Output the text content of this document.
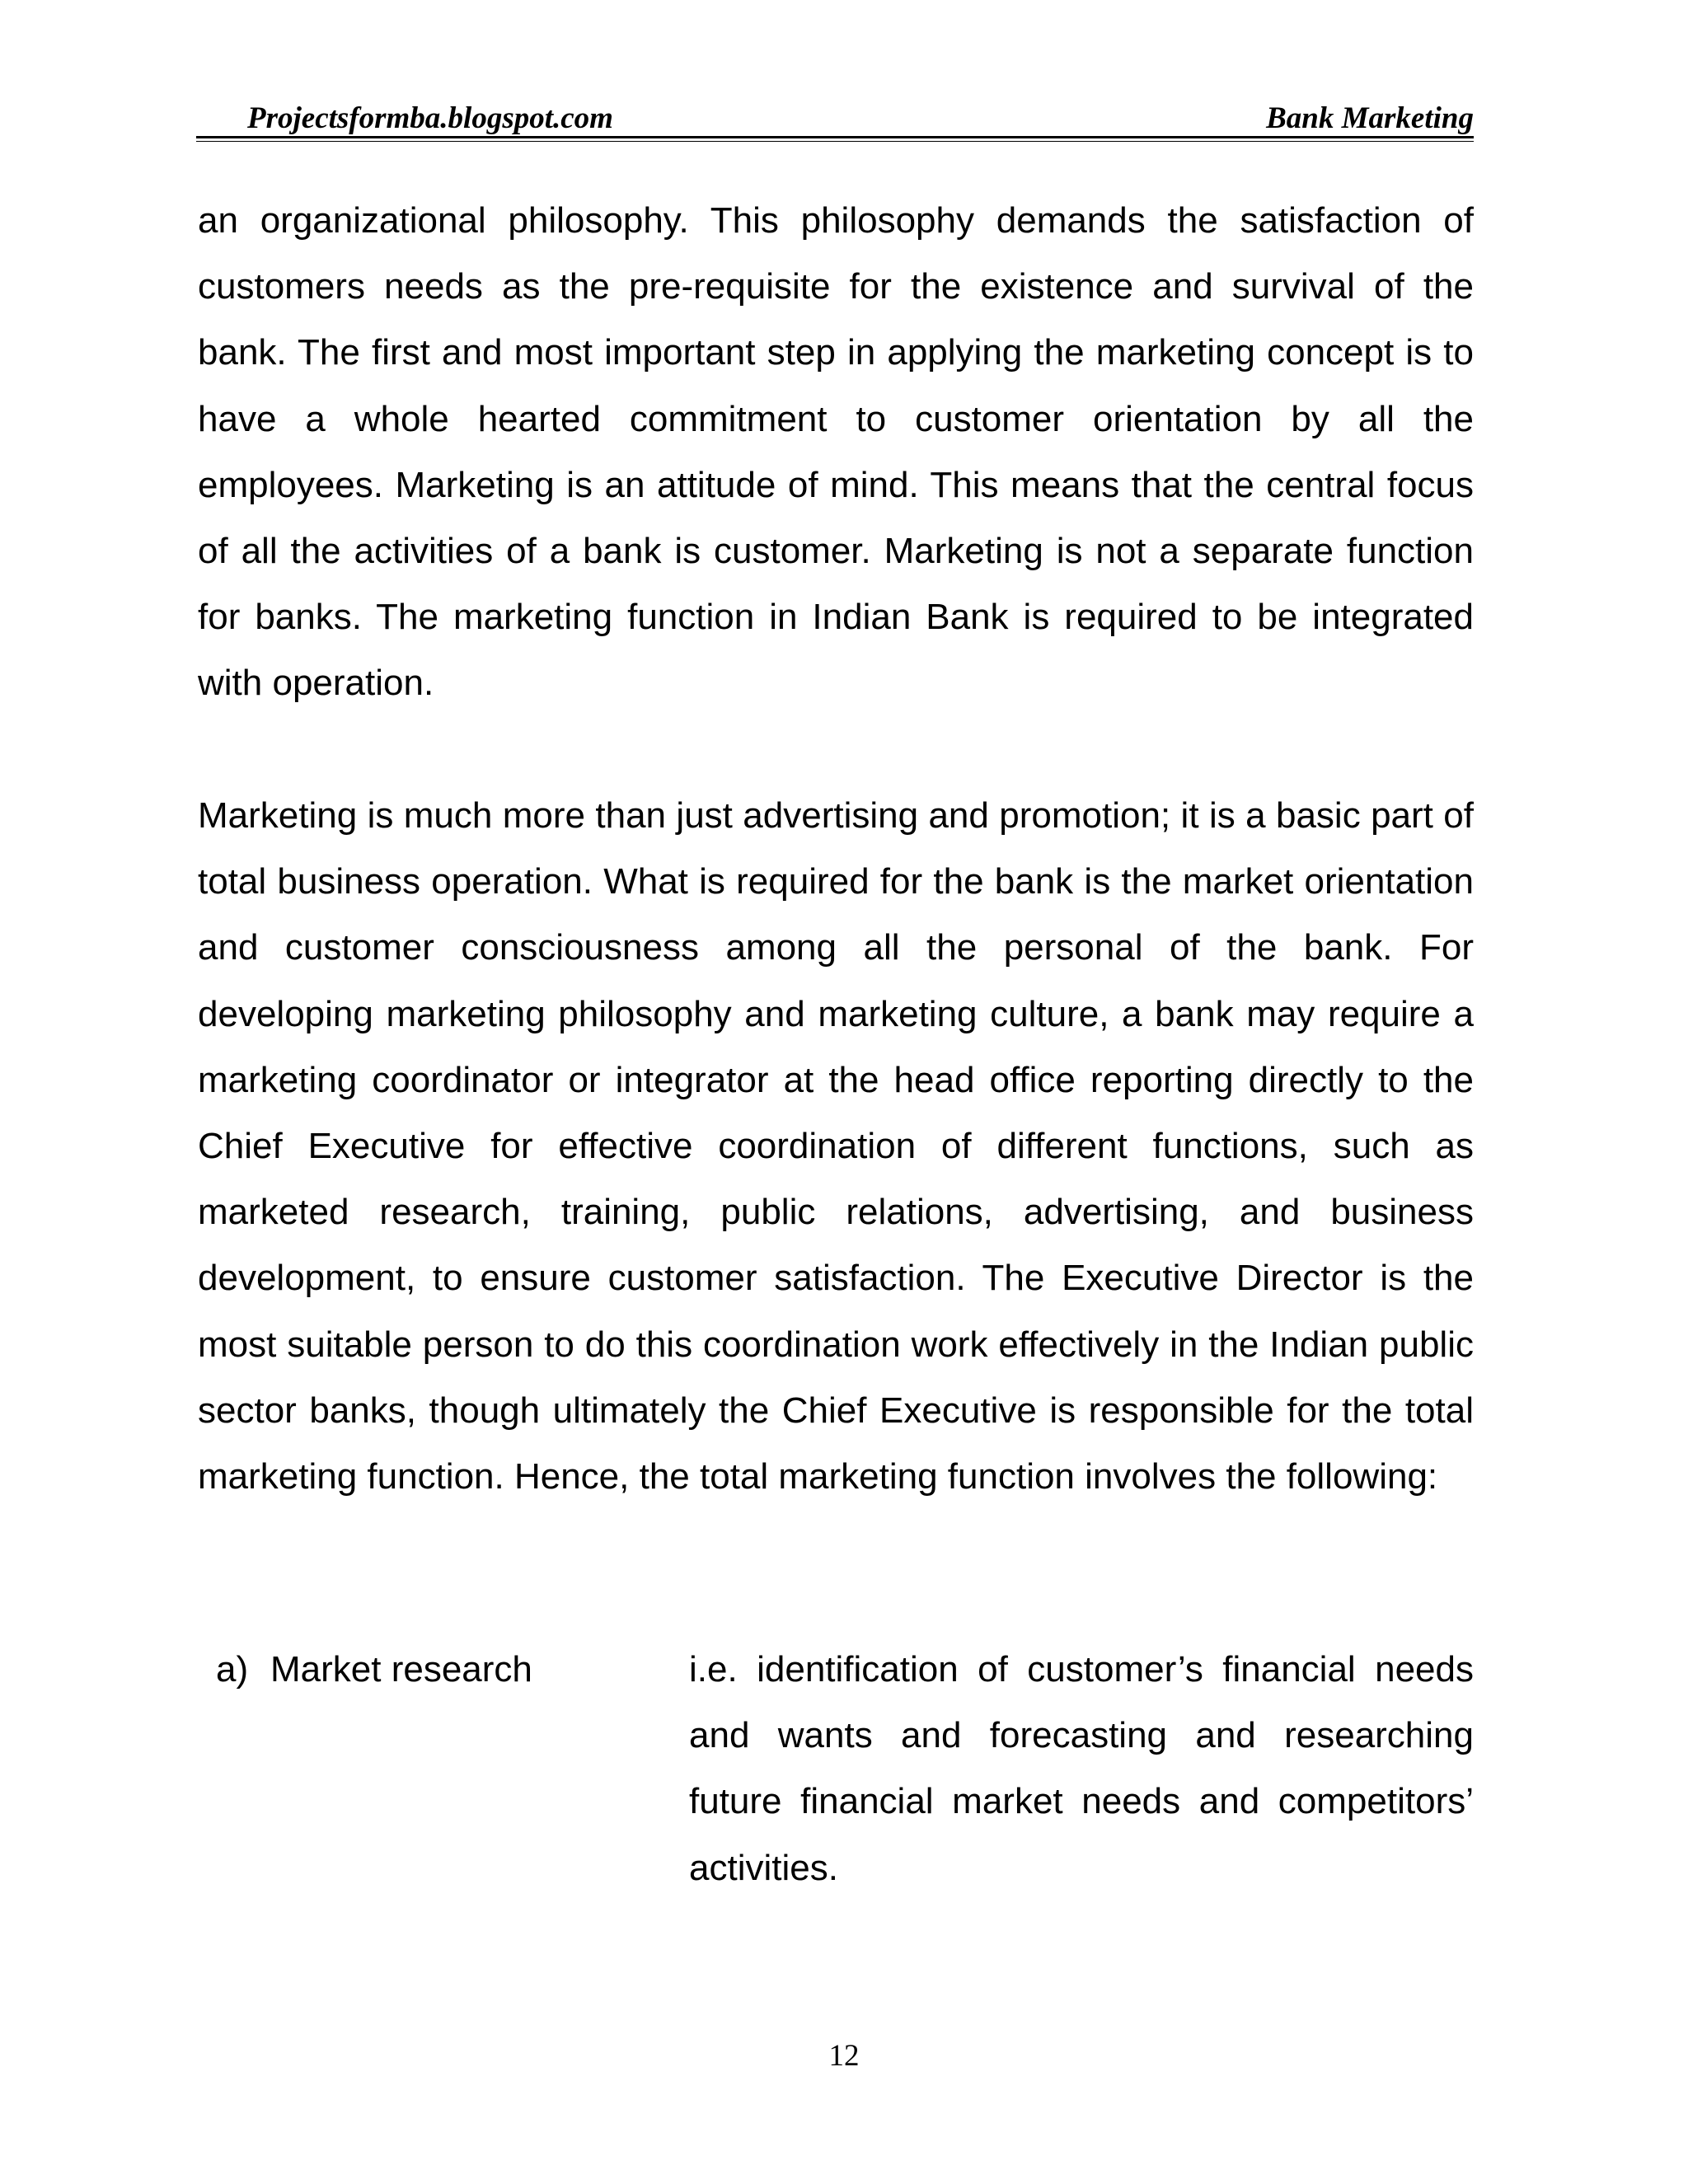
Projectsformba.blogspot.com	Bank Marketing

an organizational philosophy. This philosophy demands the satisfaction of customers needs as the pre-requisite for the existence and survival of the bank. The first and most important step in applying the marketing concept is to have a whole hearted commitment to customer orientation by all the employees. Marketing is an attitude of mind. This means that the central focus of all the activities of a bank is customer. Marketing is not a separate function for banks. The marketing function in Indian Bank is required to be integrated with operation.

Marketing is much more than just advertising and promotion; it is a basic part of total business operation. What is required for the bank is the market orientation and customer consciousness among all the personal of the bank. For developing marketing philosophy and marketing culture, a bank may require a marketing coordinator or integrator at the head office reporting directly to the Chief Executive for effective coordination of different functions, such as marketed research, training, public relations, advertising, and business development, to ensure customer satisfaction. The Executive Director is the most suitable person to do this coordination work effectively in the Indian public sector banks, though ultimately the Chief Executive is responsible for the total marketing function. Hence, the total marketing function involves the following:

a) Market research	i.e. identification of customer’s financial needs and wants and forecasting and researching future financial market needs and competitors’ activities.

12
